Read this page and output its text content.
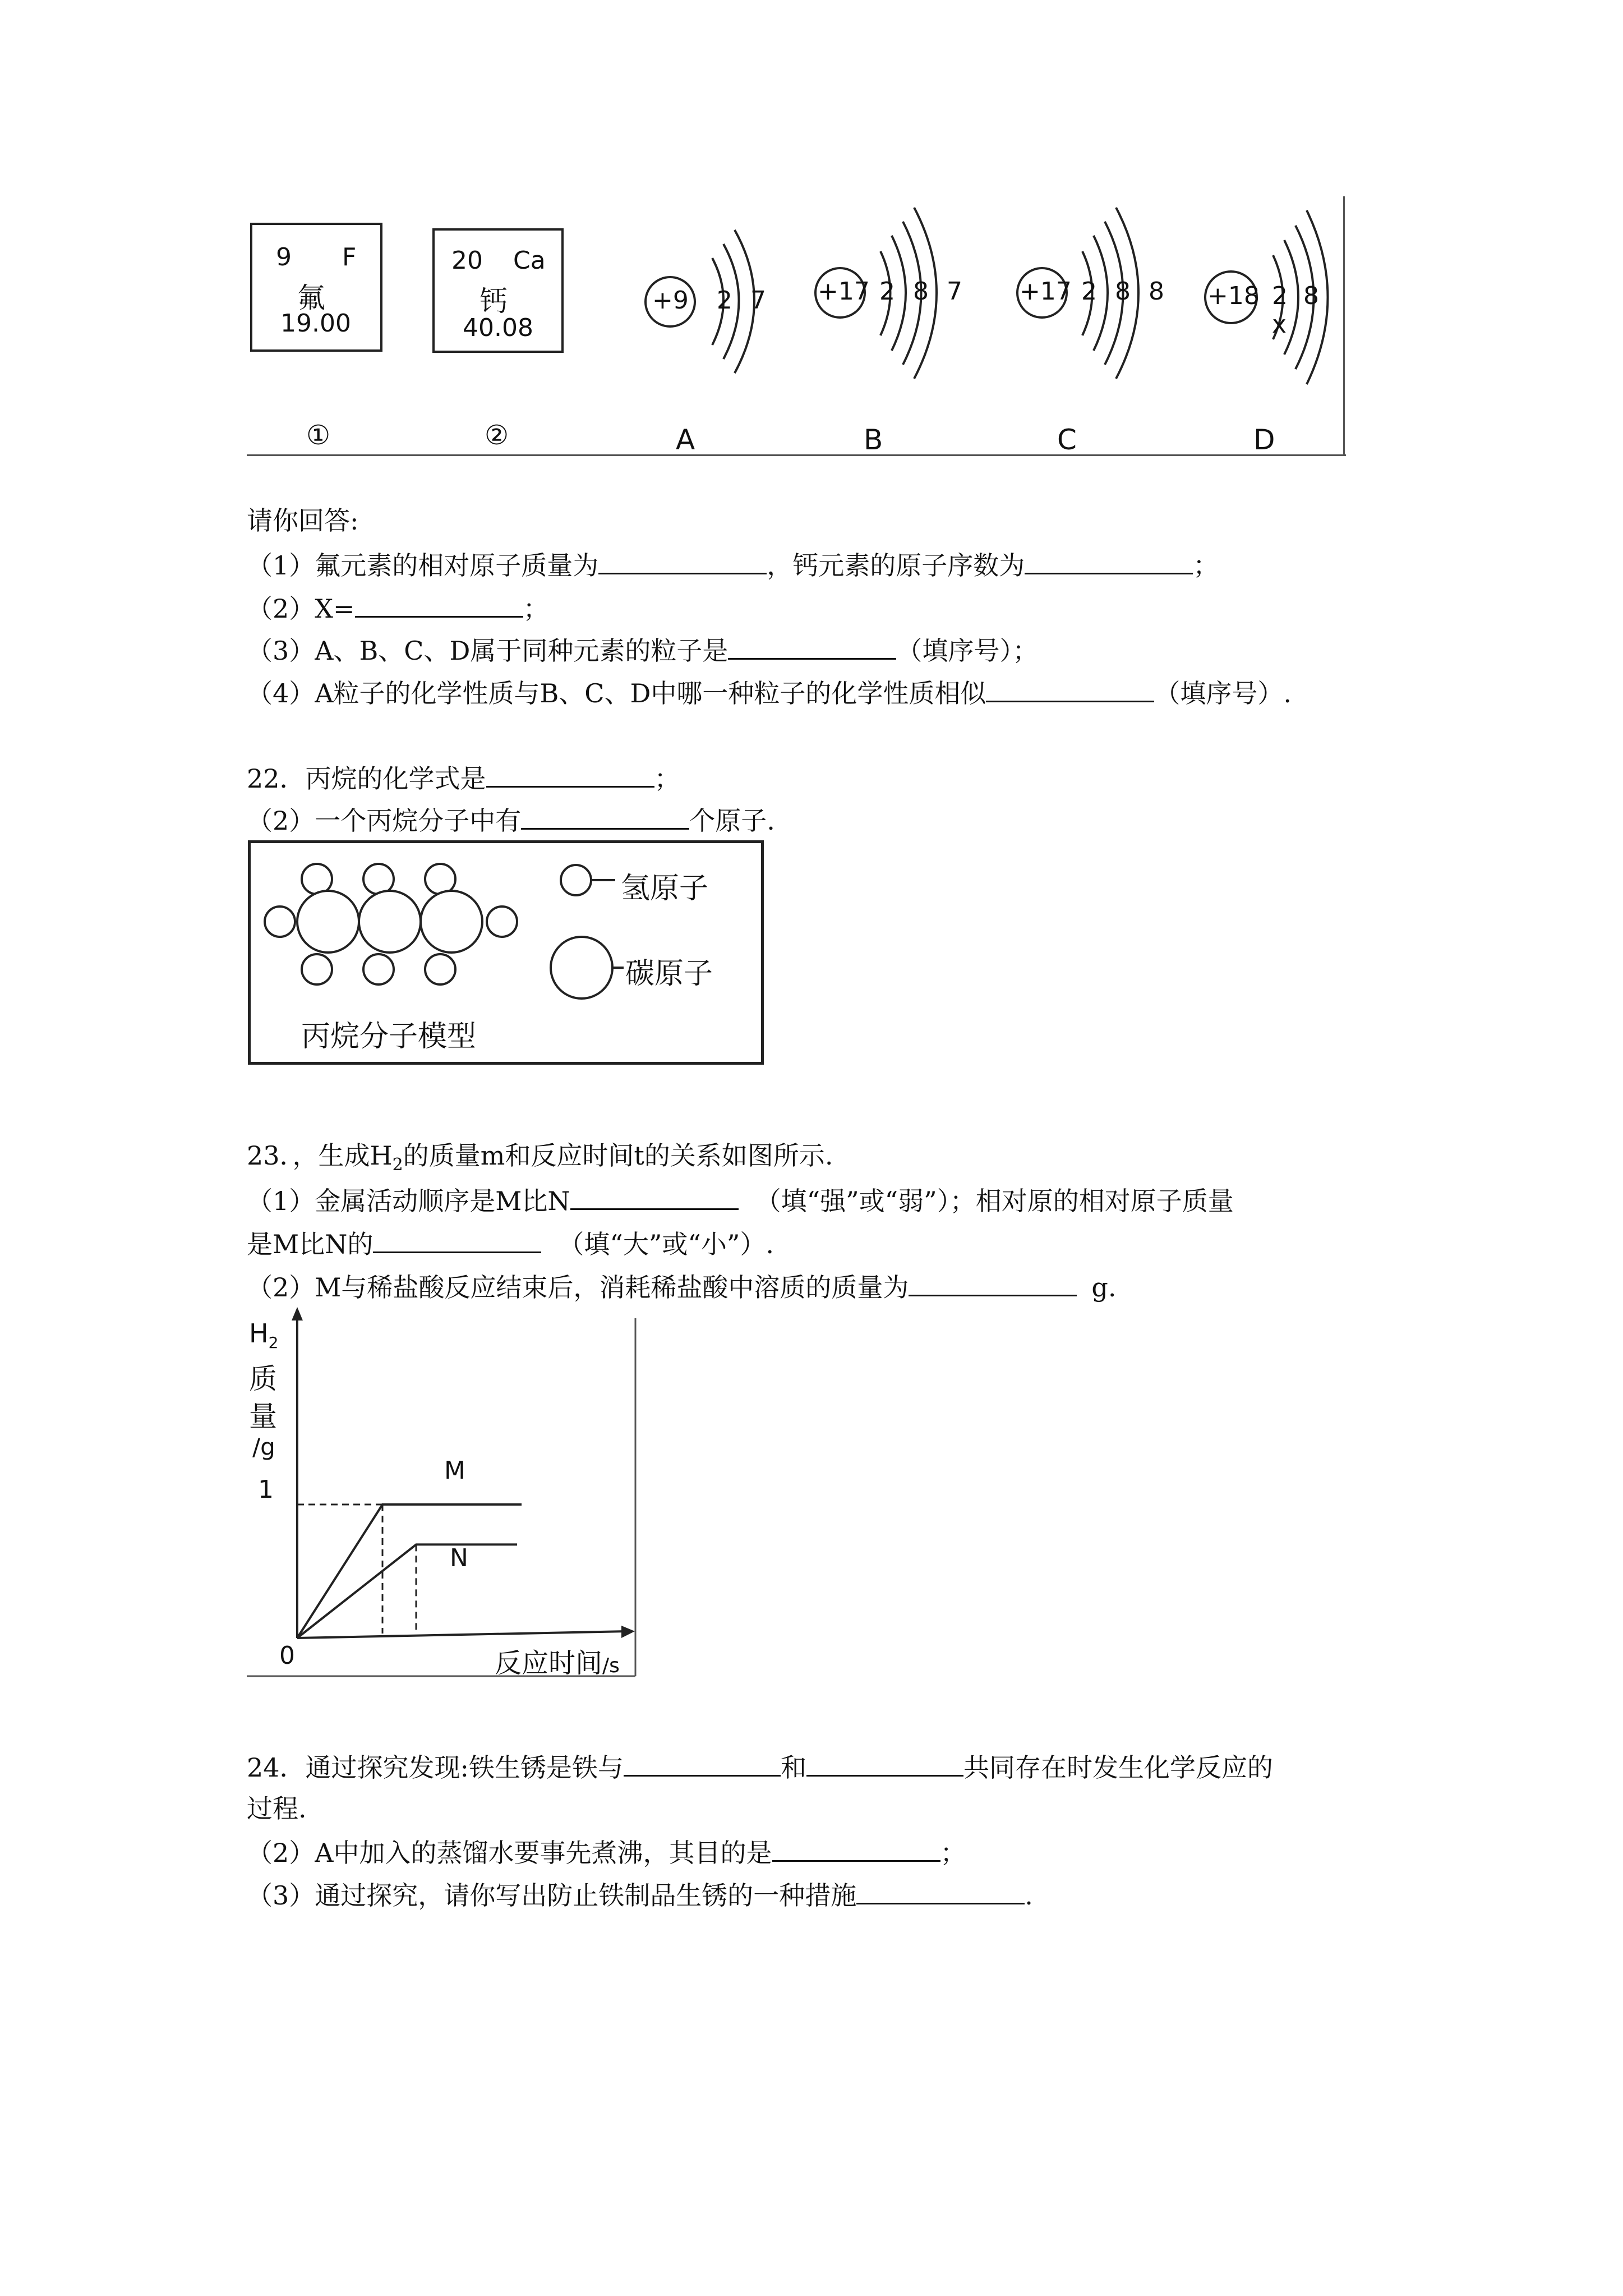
9 F
氟
19.00
①
20 Ca
钙
40.08
②
+9 2 7
A
+17 2 8 7
B
+17 2 8 8
C
+18 2 8 x
D
请你回答:
（1）氟元素的相对原子质量为	，钙元素的原子序数为	；
（2）X=	；
（3）A、B、C、D属于同种元素的粒子是	（填序号）；
（4）A粒子的化学性质与B、C、D中哪一种粒子的化学性质相似	（填序号）.
22．丙烷的化学式是	；
（2）一个丙烷分子中有	个原子.
氢原子
碳原子
丙烷分子模型
23．，生成$H_2$的质量m和反应时间t的关系如图所示.
（1）金属活动顺序是M比N	（填“强”或“弱”）；相对原的相对原子质量
是M比N的	（填“大”或“小”）.
（2）M与稀盐酸反应结束后，消耗稀盐酸中溶质的质量为	g.
$H_2$
质
量
/g
1
0	反应时间/s
M
N
24．通过探究发现:铁生锈是铁与	和	共同存在时发生化学反应的
过程.
（2）A中加入的蒸馏水要事先煮沸，其目的是	；
（3）通过探究，请你写出防止铁制品生锈的一种措施	.
